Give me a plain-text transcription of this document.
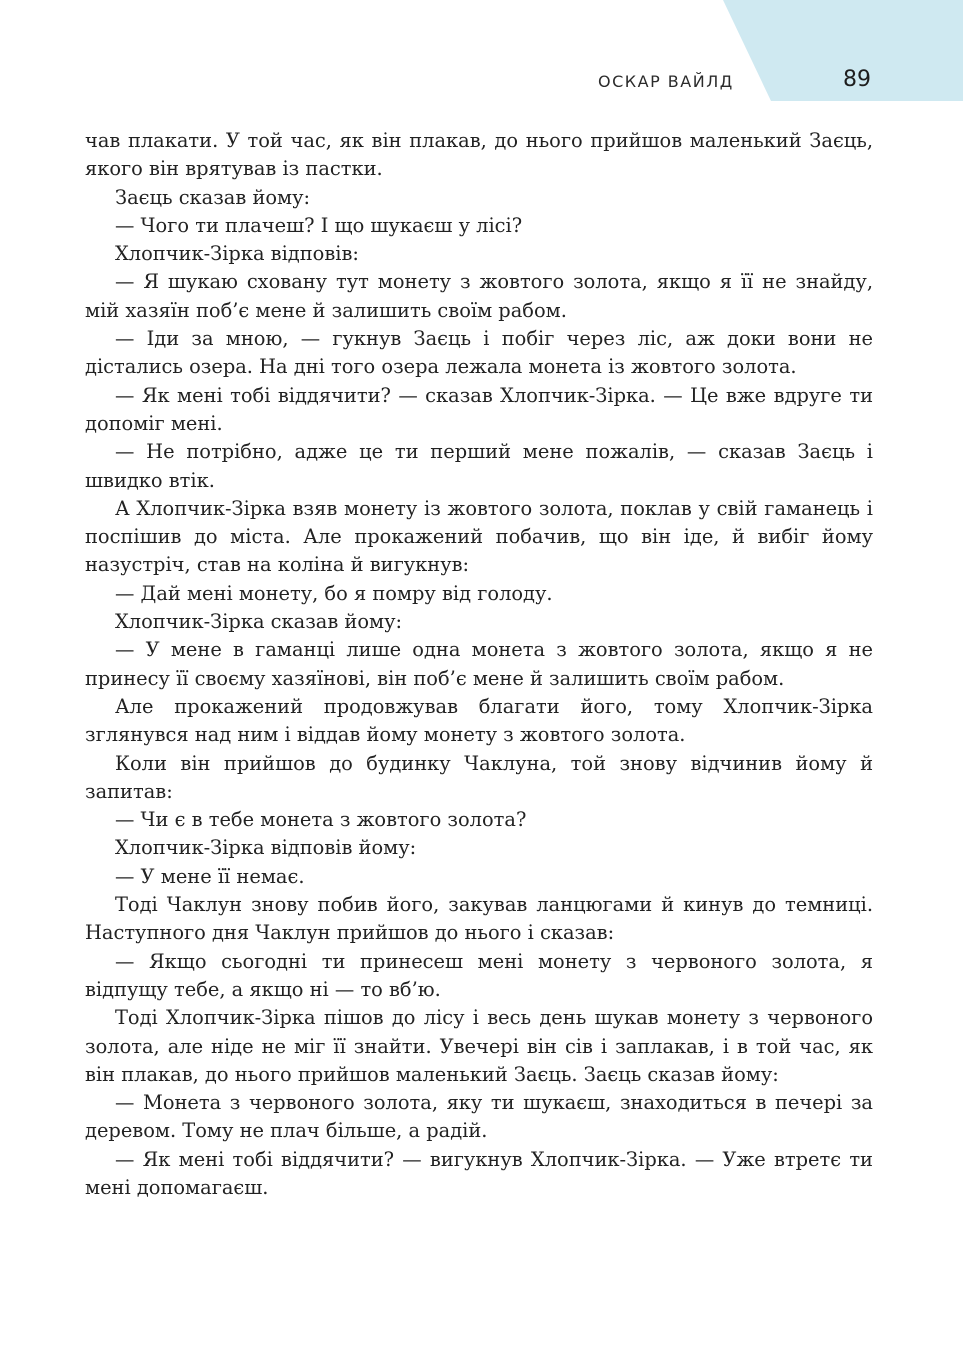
ОСКАР ВАЙЛД	89

чав плакати. У той час, як він плакав, до нього прийшов маленький Заєць, якого він врятував із пастки.

Заєць сказав йому:

— Чого ти плачеш? І що шукаєш у лісі?

Хлопчик-Зірка відповів:

— Я шукаю сховану тут монету з жовтого золота, якщо я її не знайду, мій хазяїн поб’є мене й залишить своїм рабом.

— Іди за мною, — гукнув Заєць і побіг через ліс, аж доки вони не дістались озера. На дні того озера лежала монета із жовтого золота.

— Як мені тобі віддячити? — сказав Хлопчик-Зірка. — Це вже вдруге ти допоміг мені.

— Не потрібно, адже це ти перший мене пожалів, — сказав Заєць і швидко втік.

А Хлопчик-Зірка взяв монету із жовтого золота, поклав у свій гаманець і поспішив до міста. Але прокажений побачив, що він іде, й вибіг йому назустріч, став на коліна й вигукнув:

— Дай мені монету, бо я помру від голоду.

Хлопчик-Зірка сказав йому:

— У мене в гаманці лише одна монета з жовтого золота, якщо я не принесу її своєму хазяїнові, він поб’є мене й залишить своїм рабом.

Але прокажений продовжував благати його, тому Хлопчик-Зірка зглянувся над ним і віддав йому монету з жовтого золота.

Коли він прийшов до будинку Чаклуна, той знову відчинив йому й запитав:

— Чи є в тебе монета з жовтого золота?

Хлопчик-Зірка відповів йому:

— У мене її немає.

Тоді Чаклун знову побив його, закував ланцюгами й кинув до темниці. Наступного дня Чаклун прийшов до нього і сказав:

— Якщо сьогодні ти принесеш мені монету з червоного золота, я відпущу тебе, а якщо ні — то вб’ю.

Тоді Хлопчик-Зірка пішов до лісу і весь день шукав монету з червоного золота, але ніде не міг її знайти. Увечері він сів і заплакав, і в той час, як він плакав, до нього прийшов маленький Заєць. Заєць сказав йому:

— Монета з червоного золота, яку ти шукаєш, знаходиться в печері за деревом. Тому не плач більше, а радій.

— Як мені тобі віддячити? — вигукнув Хлопчик-Зірка. — Уже втретє ти мені допомагаєш.
